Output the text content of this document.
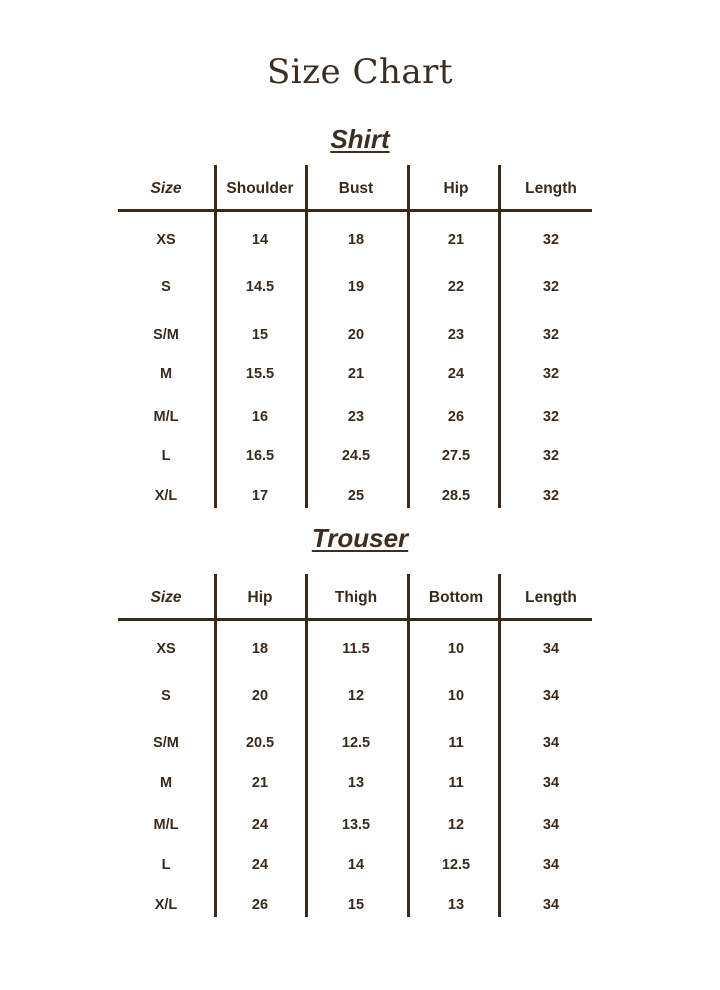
Size Chart
Shirt
Size	Shoulder	Bust	Hip	Length
XS	14	18	21	32
S	14.5	19	22	32
S/M	15	20	23	32
M	15.5	21	24	32
M/L	16	23	26	32
L	16.5	24.5	27.5	32
X/L	17	25	28.5	32
Trouser
Size	Hip	Thigh	Bottom	Length
XS	18	11.5	10	34
S	20	12	10	34
S/M	20.5	12.5	11	34
M	21	13	11	34
M/L	24	13.5	12	34
L	24	14	12.5	34
X/L	26	15	13	34
